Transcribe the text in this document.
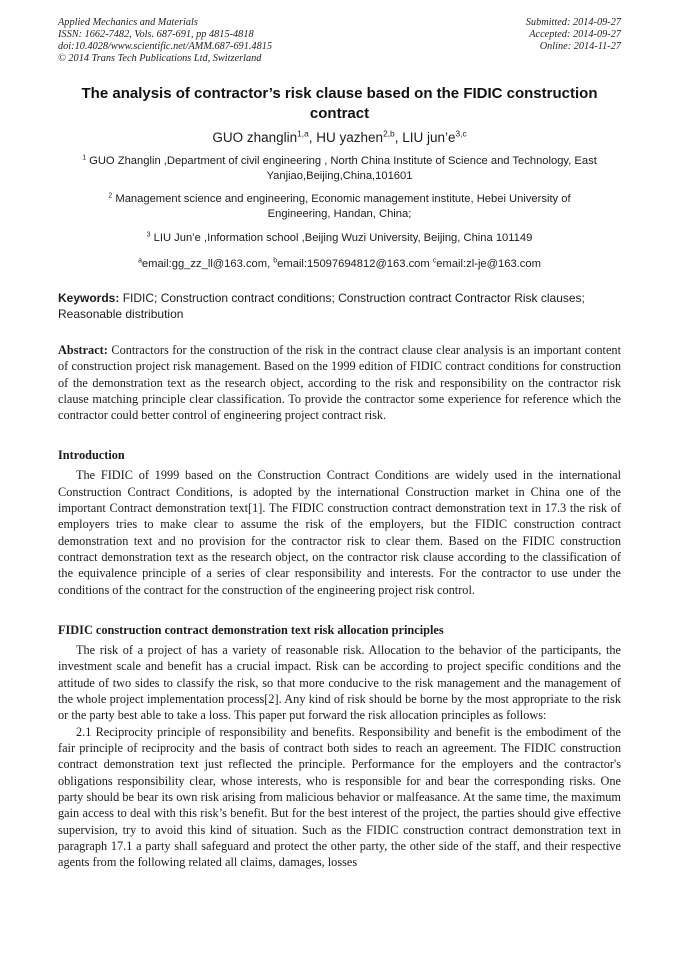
Applied Mechanics and Materials
ISSN: 1662-7482, Vols. 687-691, pp 4815-4818
doi:10.4028/www.scientific.net/AMM.687-691.4815
© 2014 Trans Tech Publications Ltd, Switzerland
Submitted: 2014-09-27
Accepted: 2014-09-27
Online: 2014-11-27
The analysis of contractor’s risk clause based on the FIDIC construction contract
GUO zhanglin$^{1,a}$, HU yazhen$^{2,b}$, LIU $jun’e^{3,c}$
$^1$ GUO Zhanglin ,Department of civil engineering , North China Institute of Science and Technology, East Yanjiao,Beijing,China,101601
$^2$ Management science and engineering, Economic management institute, Hebei University of Engineering, Handan, China;
$^3$ LIU Jun’e ,Information school ,Beijing Wuzi University, Beijing, China 101149
$^a$email:gg_zz_ll@163.com, $^b$email:15097694812@163.com $^c$email:zl-je@163.com
Keywords: FIDIC; Construction contract conditions; Construction contract Contractor Risk clauses; Reasonable distribution
Abstract: Contractors for the construction of the risk in the contract clause clear analysis is an important content of construction project risk management. Based on the 1999 edition of FIDIC contract conditions for construction of the demonstration text as the research object, according to the risk and responsibility on the contractor risk clause matching principle clear classification. To provide the contractor some experience for reference which the contractor could better control of engineering project contract risk.
Introduction

The FIDIC of 1999 based on the Construction Contract Conditions are widely used in the international Construction Contract Conditions, is adopted by the international Construction market in China one of the important Contract demonstration text[1]. The FIDIC construction contract demonstration text in 17.3 the risk of employers tries to make clear to assume the risk of the employers, but the FIDIC construction contract demonstration text and no provision for the contractor risk to clear them. Based on the FIDIC construction contract demonstration text as the research object, on the contractor risk clause according to the classification of the equivalence principle of a series of clear responsibility and interests. For the contractor to use under the conditions of the contract for the construction of the engineering project risk control.

FIDIC construction contract demonstration text risk allocation principles

The risk of a project of has a variety of reasonable risk. Allocation to the behavior of the participants, the investment scale and benefit has a crucial impact. Risk can be according to project specific conditions and the attitude of two sides to classify the risk, so that more conducive to the risk management and the management of the whole project implementation process[2]. Any kind of risk should be borne by the most appropriate to the risk or the party best able to take a loss. This paper put forward the risk allocation principles as follows:

2.1 Reciprocity principle of responsibility and benefits. Responsibility and benefit is the embodiment of the fair principle of reciprocity and the basis of contract both sides to reach an agreement. The FIDIC construction contract demonstration text just reflected the principle. Performance for the employers and the contractor's obligations responsibility clear, whose interests, who is responsible for and bear the corresponding risks. One party should be bear its own risk arising from malicious behavior or malfeasance. At the same time, the maximum gain access to deal with this risk’s benefit. But for the best interest of the project, the parties should give effective supervision, try to avoid this kind of situation. Such as the FIDIC construction contract demonstration text in paragraph 17.1 a party shall safeguard and protect the other party, the other side of the staff, and their respective agents from the following related all claims, damages, losses
